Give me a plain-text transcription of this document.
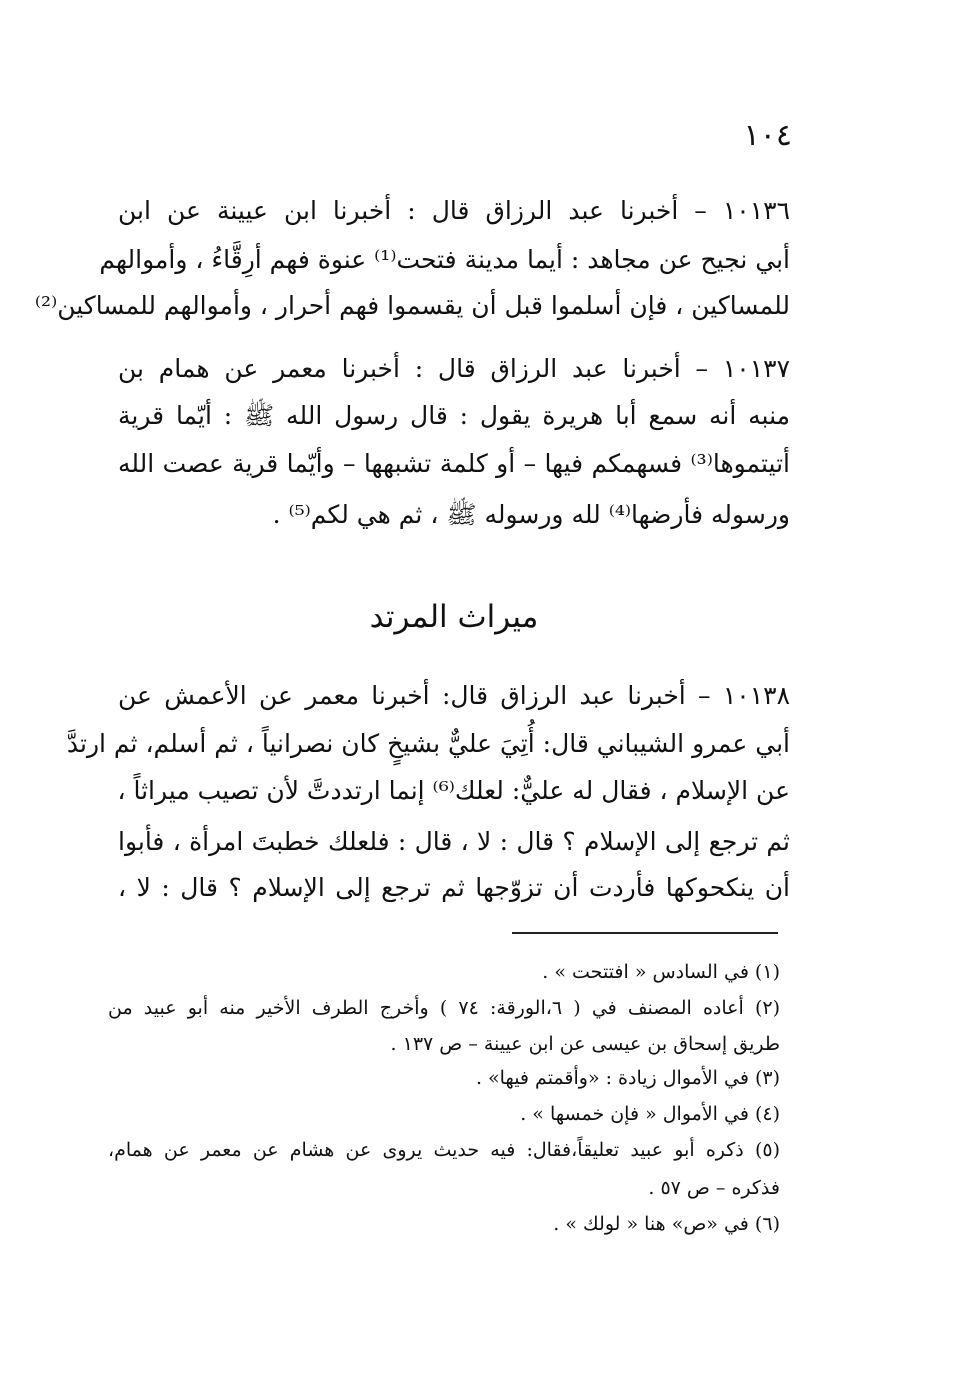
١٠٤
١٠١٣٦ – أخبرنا عبد الرزاق قال : أخبرنا ابن عيينة عن ابن
أبي نجيح عن مجاهد : أيما مدينة فتحت⁽¹⁾ عنوة فهم أرِقَّاءُ ، وأموالهم
للمساكين ، فإن أسلموا قبل أن يقسموا فهم أحرار ، وأموالهم للمساكين⁽²⁾
١٠١٣٧ – أخبرنا عبد الرزاق قال : أخبرنا معمر عن همام بن
منبه أنه سمع أبا هريرة يقول : قال رسول الله ﷺ : أيّما قرية
أتيتموها⁽³⁾ فسهمكم فيها – أو كلمة تشبهها – وأيّما قرية عصت الله
ورسوله فأرضها⁽⁴⁾ لله ورسوله ﷺ ، ثم هي لكم⁽⁵⁾ .
ميراث المرتد
١٠١٣٨ – أخبرنا عبد الرزاق قال: أخبرنا معمر عن الأعمش عن
أبي عمرو الشيباني قال: أُتِيَ عليٌّ بشيخٍ كان نصرانياً ، ثم أسلم، ثم ارتدَّ
عن الإسلام ، فقال له عليٌّ: لعلك⁽⁶⁾ إنما ارتددتَّ لأن تصيب ميراثاً ،
ثم ترجع إلى الإسلام ؟ قال : لا ، قال : فلعلك خطبتَ امرأة ، فأبوا
أن ينكحوكها فأردت أن تزوّجها ثم ترجع إلى الإسلام ؟ قال : لا ،
(١) في السادس « افتتحت » .
(٢) أعاده المصنف في ( ٦،الورقة: ٧٤ ) وأخرج الطرف الأخير منه أبو عبيد من
طريق إسحاق بن عيسى عن ابن عيينة – ص ١٣٧ .
(٣) في الأموال زيادة : «وأقمتم فيها» .
(٤) في الأموال « فإن خمسها » .
(٥) ذكره أبو عبيد تعليقاً،فقال: فيه حديث يروى عن هشام عن معمر عن همام،
فذكره – ص ٥٧ .
(٦) في «ص» هنا « لولك » .
